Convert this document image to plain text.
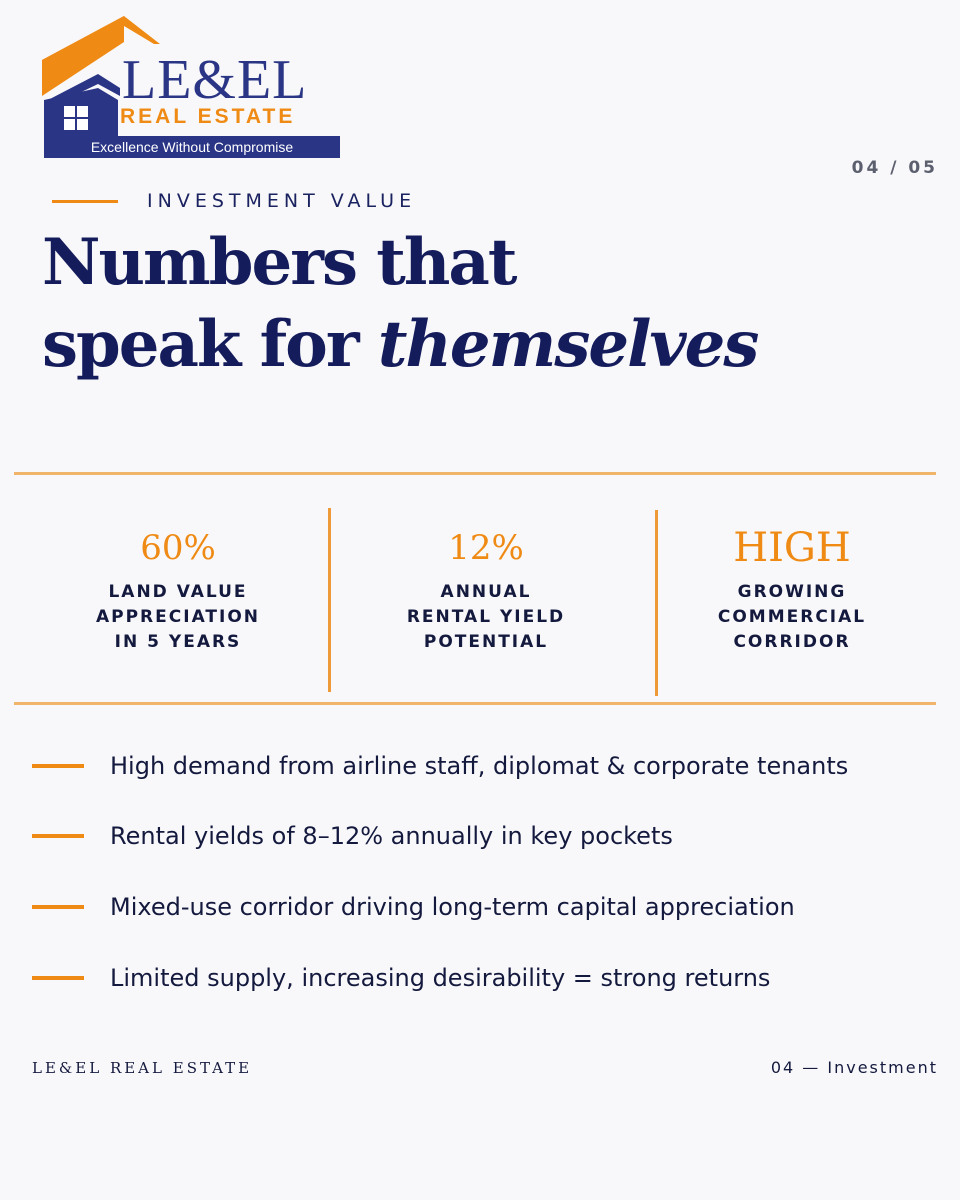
LE&EL

REAL ESTATE

Excellence Without Compromise
04 / 05
INVESTMENT VALUE
Numbers that
speak for themselves
60%
LAND VALUE
APPRECIATION
IN 5 YEARS
12%
ANNUAL
RENTAL YIELD
POTENTIAL
HIGH
GROWING
COMMERCIAL
CORRIDOR
High demand from airline staff, diplomat & corporate tenants
Rental yields of 8–12% annually in key pockets
Mixed-use corridor driving long-term capital appreciation
Limited supply, increasing desirability = strong returns
LE&EL REAL ESTATE	04 — Investment
